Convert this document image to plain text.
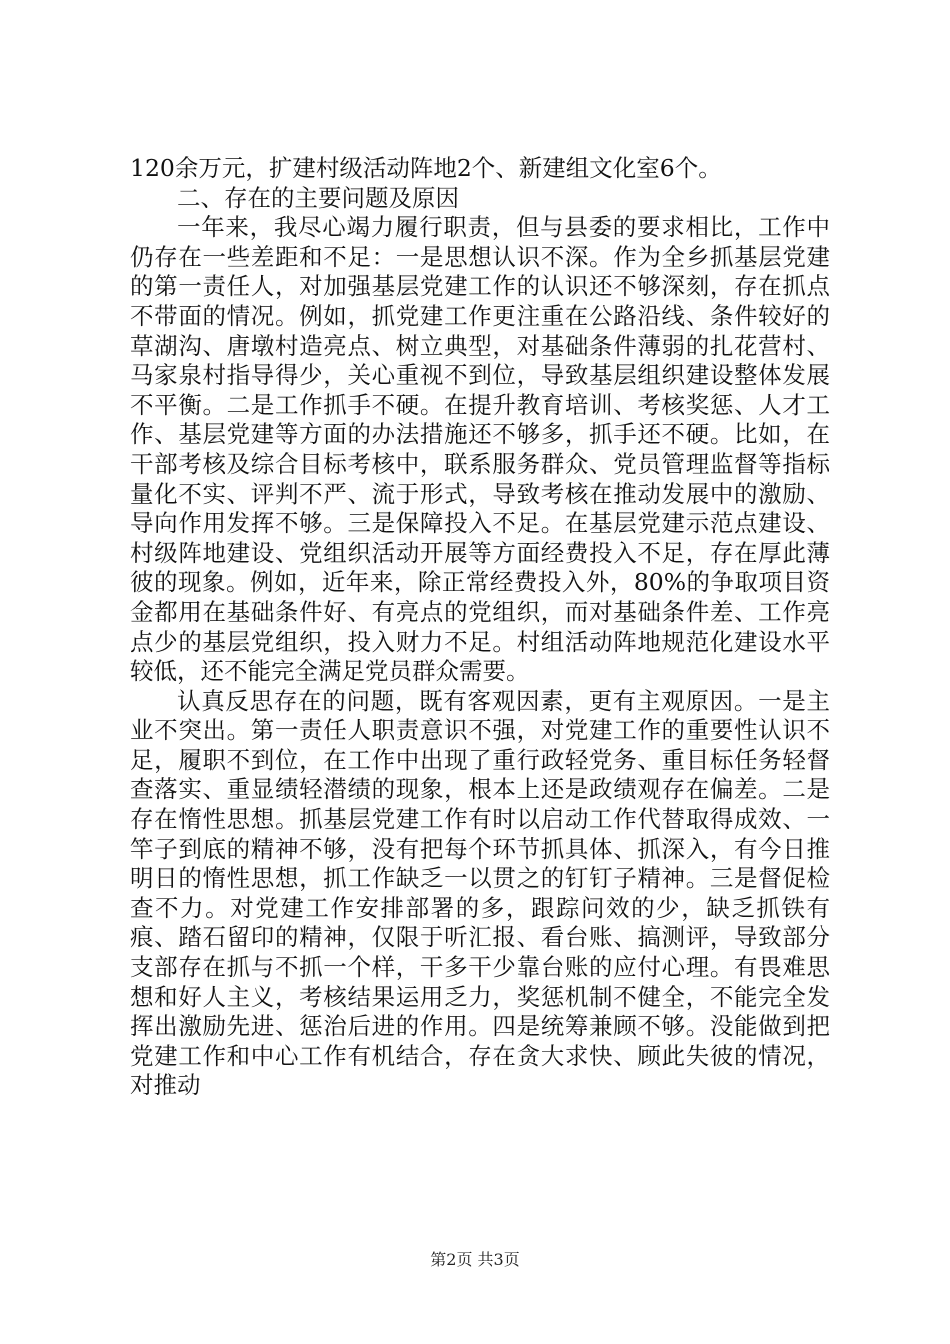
120余万元，扩建村级活动阵地2个、新建组文化室6个。

二、存在的主要问题及原因

一年来，我尽心竭力履行职责，但与县委的要求相比，工作中仍存在一些差距和不足：一是思想认识不深。作为全乡抓基层党建的第一责任人，对加强基层党建工作的认识还不够深刻，存在抓点不带面的情况。例如，抓党建工作更注重在公路沿线、条件较好的草湖沟、唐墩村造亮点、树立典型，对基础条件薄弱的扎花营村、马家泉村指导得少，关心重视不到位，导致基层组织建设整体发展不平衡。二是工作抓手不硬。在提升教育培训、考核奖惩、人才工作、基层党建等方面的办法措施还不够多，抓手还不硬。比如，在干部考核及综合目标考核中，联系服务群众、党员管理监督等指标量化不实、评判不严、流于形式，导致考核在推动发展中的激励、导向作用发挥不够。三是保障投入不足。在基层党建示范点建设、村级阵地建设、党组织活动开展等方面经费投入不足，存在厚此薄彼的现象。例如，近年来，除正常经费投入外，80%的争取项目资金都用在基础条件好、有亮点的党组织，而对基础条件差、工作亮点少的基层党组织，投入财力不足。村组活动阵地规范化建设水平较低，还不能完全满足党员群众需要。

认真反思存在的问题，既有客观因素，更有主观原因。一是主业不突出。第一责任人职责意识不强，对党建工作的重要性认识不足，履职不到位，在工作中出现了重行政轻党务、重目标任务轻督查落实、重显绩轻潜绩的现象，根本上还是政绩观存在偏差。二是存在惰性思想。抓基层党建工作有时以启动工作代替取得成效、一竿子到底的精神不够，没有把每个环节抓具体、抓深入，有今日推明日的惰性思想，抓工作缺乏一以贯之的钉钉子精神。三是督促检查不力。对党建工作安排部署的多，跟踪问效的少，缺乏抓铁有痕、踏石留印的精神，仅限于听汇报、看台账、搞测评，导致部分支部存在抓与不抓一个样，干多干少靠台账的应付心理。有畏难思想和好人主义，考核结果运用乏力，奖惩机制不健全，不能完全发挥出激励先进、惩治后进的作用。四是统筹兼顾不够。没能做到把党建工作和中心工作有机结合，存在贪大求快、顾此失彼的情况，对推动

第2页 共3页
